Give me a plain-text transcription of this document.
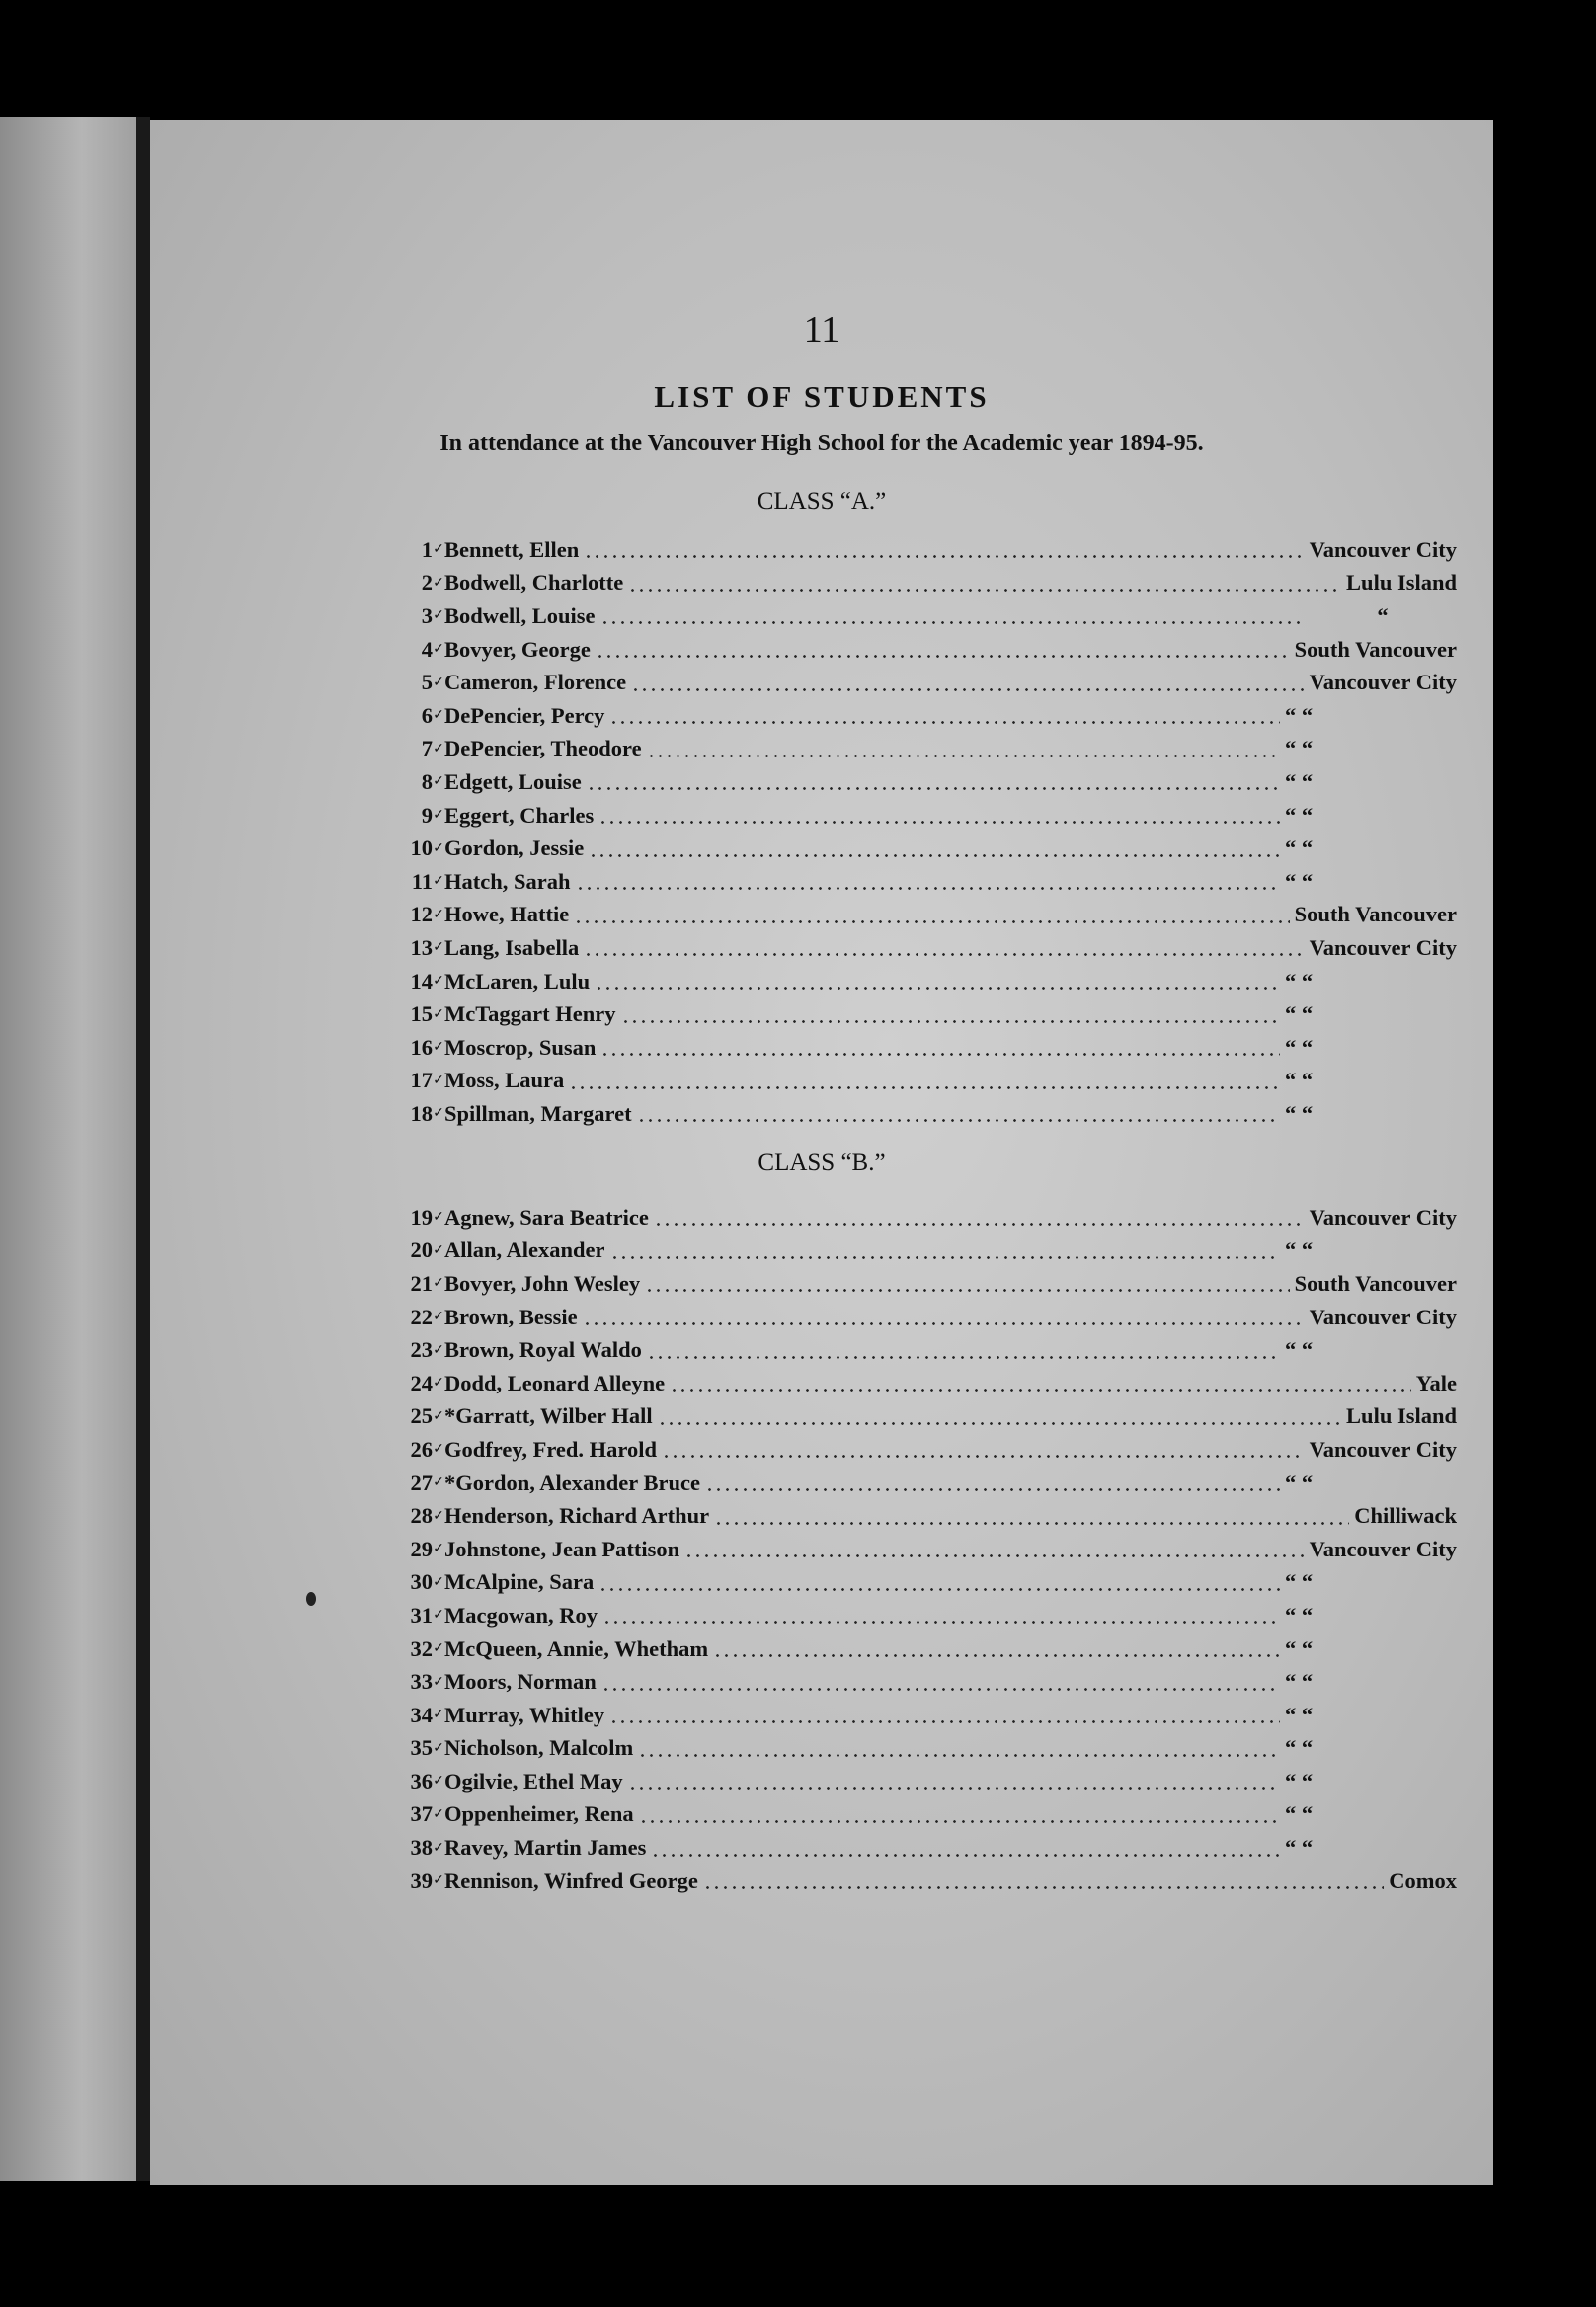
11
LIST OF STUDENTS
In attendance at the Vancouver High School for the Academic year 1894-95.
CLASS “A.”
1 ✓ Bennett, Ellen	Vancouver City
2 ✓ Bodwell, Charlotte	Lulu Island
3 ✓ Bodwell, Louise	“
4 ✓ Bovyer, George	South Vancouver
5 ✓ Cameron, Florence	Vancouver City
6 ✓ DePencier, Percy	“ “
7 ✓ DePencier, Theodore	“ “
8 ✓ Edgett, Louise	“ “
9 ✓ Eggert, Charles	“ “
10 ✓ Gordon, Jessie	“ “
11 ✓ Hatch, Sarah	“ “
12 ✓ Howe, Hattie	South Vancouver
13 ✓ Lang, Isabella	Vancouver City
14 ✓ McLaren, Lulu	“ “
15 ✓ McTaggart Henry	“ “
16 ✓ Moscrop, Susan	“ “
17 ✓ Moss, Laura	“ “
18 ✓ Spillman, Margaret	“ “
CLASS “B.”
19 ✓ Agnew, Sara Beatrice	Vancouver City
20 ✓ Allan, Alexander	“ “
21 ✓ Bovyer, John Wesley	South Vancouver
22 ✓ Brown, Bessie	Vancouver City
23 ✓ Brown, Royal Waldo	“ “
24 ✓ Dodd, Leonard Alleyne	Yale
25 ✓ *Garratt, Wilber Hall	Lulu Island
26 ✓ Godfrey, Fred. Harold	Vancouver City
27 ✓ *Gordon, Alexander Bruce	“ “
28 ✓ Henderson, Richard Arthur	Chilliwack
29 ✓ Johnstone, Jean Pattison	Vancouver City
30 ✓ McAlpine, Sara	“ “
31 ✓ Macgowan, Roy	“ “
32 ✓ McQueen, Annie, Whetham	“ “
33 ✓ Moors, Norman	“ “
34 ✓ Murray, Whitley	“ “
35 ✓ Nicholson, Malcolm	“ “
36 ✓ Ogilvie, Ethel May	“ “
37 ✓ Oppenheimer, Rena	“ “
38 ✓ Ravey, Martin James	“ “
39 ✓ Rennison, Winfred George	Comox
